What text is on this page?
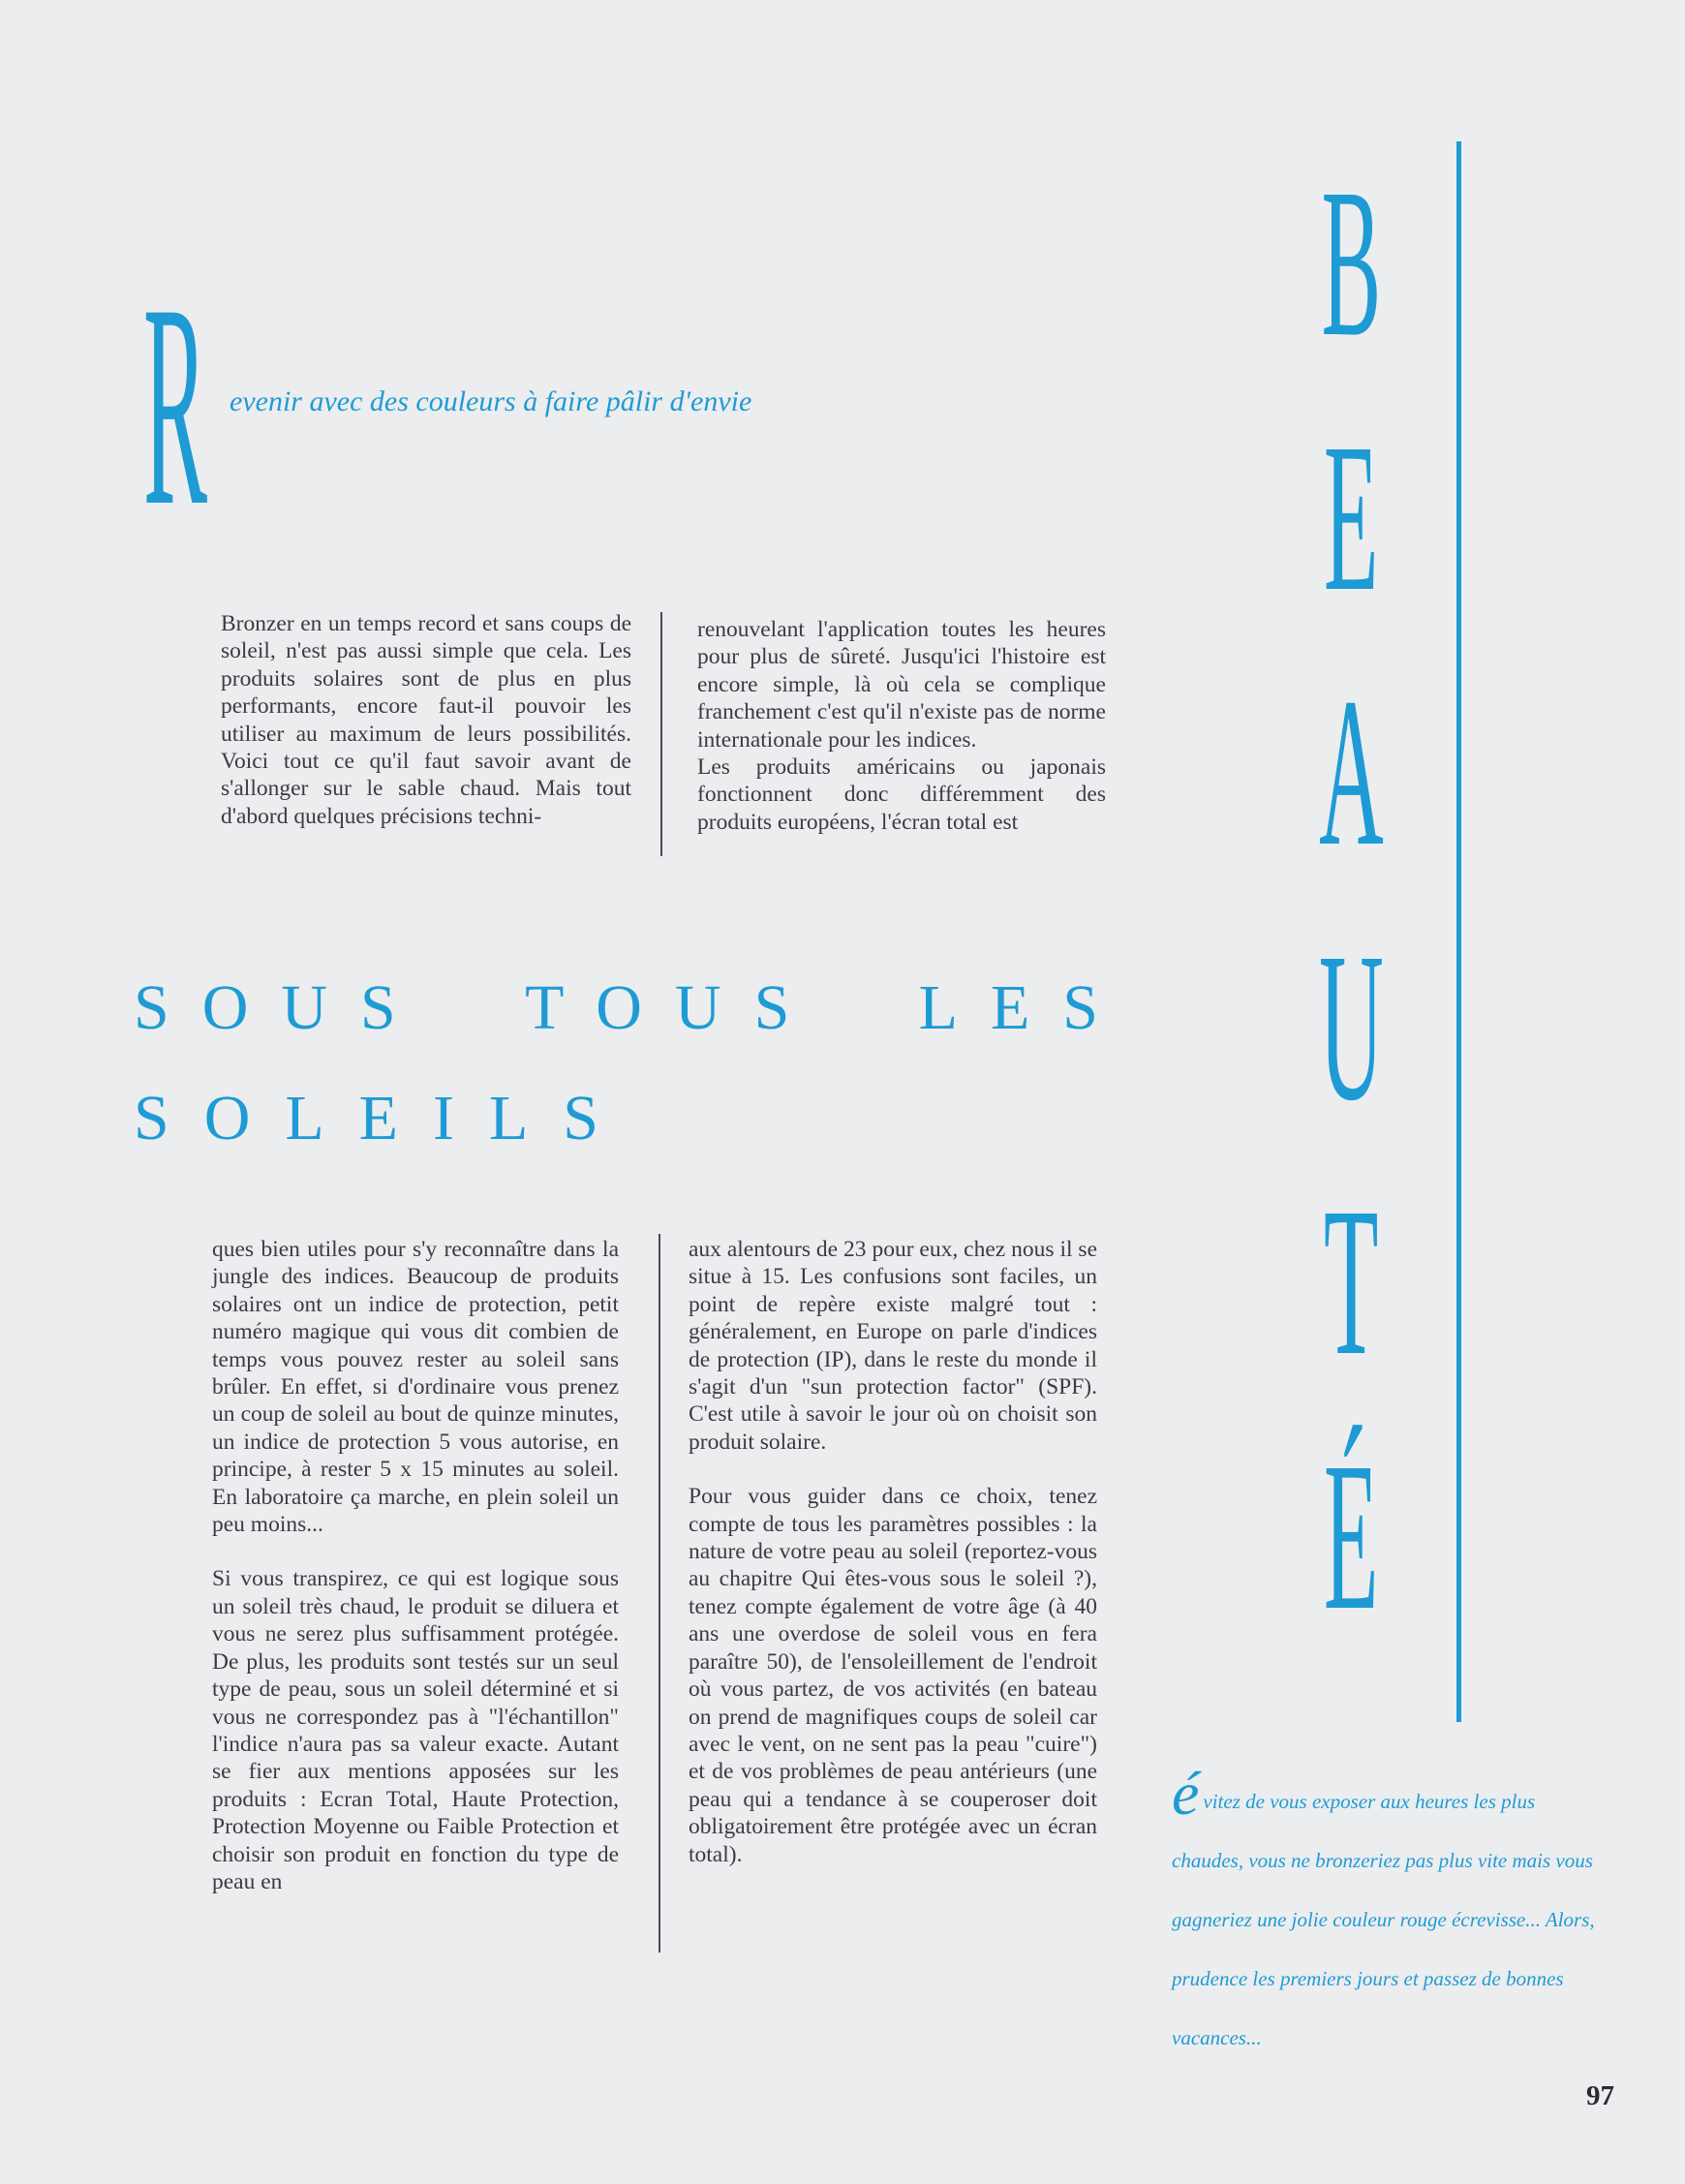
R evenir avec des couleurs à faire pâlir d'envie
B
E
A
U
T
É

Bronzer en un temps record et sans coups de soleil, n'est pas aussi simple que cela. Les produits solaires sont de plus en plus performants, encore faut-il pouvoir les utiliser au maximum de leurs possibilités. Voici tout ce qu'il faut savoir avant de s'allonger sur le sable chaud. Mais tout d'abord quelques précisions techni-

renouvelant l'application toutes les heures pour plus de sûreté. Jusqu'ici l'histoire est encore simple, là où cela se complique franchement c'est qu'il n'existe pas de norme internationale pour les indices.

Les produits américains ou japonais fonctionnent donc différemment des produits européens, l'écran total est

SOUS TOUS LES
SOLEILS

ques bien utiles pour s'y reconnaître dans la jungle des indices. Beaucoup de produits solaires ont un indice de protection, petit numéro magique qui vous dit combien de temps vous pouvez rester au soleil sans brûler. En effet, si d'ordinaire vous prenez un coup de soleil au bout de quinze minutes, un indice de protection 5 vous autorise, en principe, à rester 5 x 15 minutes au soleil. En laboratoire ça marche, en plein soleil un peu moins...

Si vous transpirez, ce qui est logique sous un soleil très chaud, le produit se diluera et vous ne serez plus suffisamment protégée. De plus, les produits sont testés sur un seul type de peau, sous un soleil déterminé et si vous ne correspondez pas à "l'échantillon" l'indice n'aura pas sa valeur exacte. Autant se fier aux mentions apposées sur les produits : Ecran Total, Haute Protection, Protection Moyenne ou Faible Protection et choisir son produit en fonction du type de peau en

aux alentours de 23 pour eux, chez nous il se situe à 15. Les confusions sont faciles, un point de repère existe malgré tout : généralement, en Europe on parle d'indices de protection (IP), dans le reste du monde il s'agit d'un "sun protection factor" (SPF). C'est utile à savoir le jour où on choisit son produit solaire.

Pour vous guider dans ce choix, tenez compte de tous les paramètres possibles : la nature de votre peau au soleil (reportez-vous au chapitre Qui êtes-vous sous le soleil ?), tenez compte également de votre âge (à 40 ans une overdose de soleil vous en fera paraître 50), de l'ensoleillement de l'endroit où vous partez, de vos activités (en bateau on prend de magnifiques coups de soleil car avec le vent, on ne sent pas la peau "cuire") et de vos problèmes de peau antérieurs (une peau qui a tendance à se couperoser doit obligatoirement être protégée avec un écran total).

évitez de vous exposer aux heures les plus chaudes, vous ne bronzeriez pas plus vite mais vous gagneriez une jolie couleur rouge écrevisse... Alors, prudence les premiers jours et passez de bonnes vacances...
97
